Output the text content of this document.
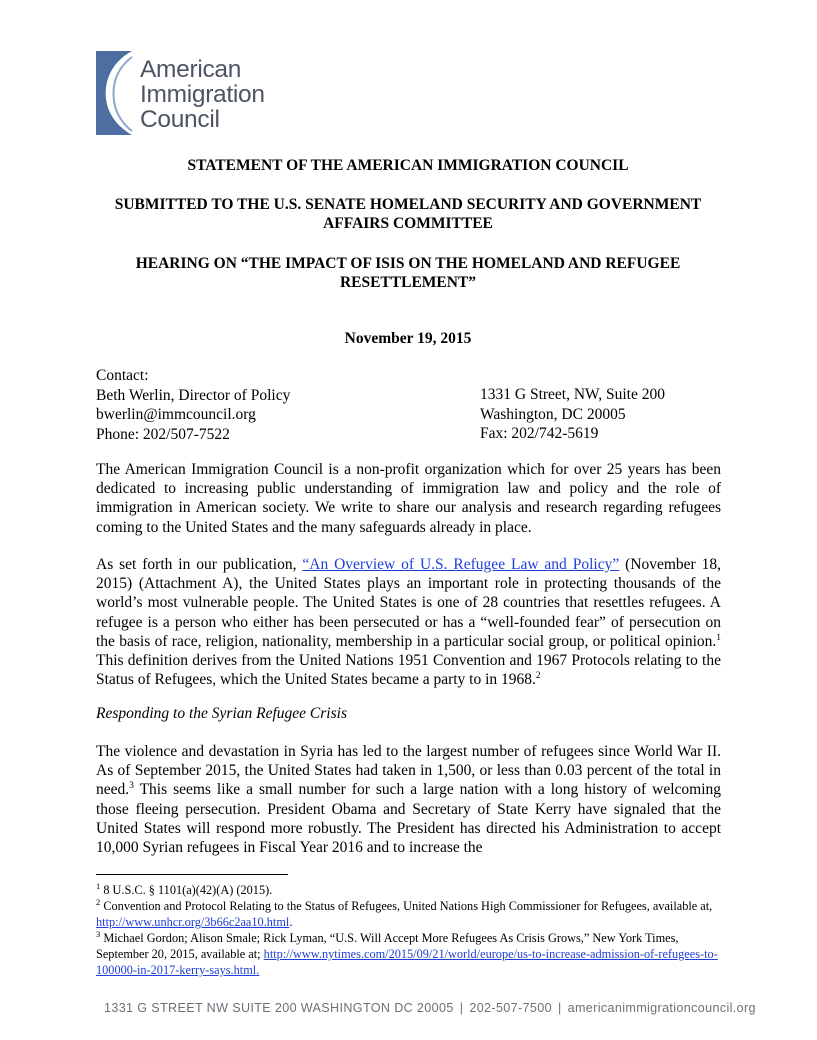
American
Immigration
Council
STATEMENT OF THE AMERICAN IMMIGRATION COUNCIL
SUBMITTED TO THE U.S. SENATE HOMELAND SECURITY AND GOVERNMENT
AFFAIRS COMMITTEE
HEARING ON “THE IMPACT OF ISIS ON THE HOMELAND AND REFUGEE
RESETTLEMENT”
November 19, 2015
Contact:
Beth Werlin, Director of Policy
bwerlin@immcouncil.org
Phone: 202/507-7522
1331 G Street, NW, Suite 200
Washington, DC 20005
Fax: 202/742-5619
The American Immigration Council is a non-profit organization which for over 25 years has been dedicated to increasing public understanding of immigration law and policy and the role of immigration in American society. We write to share our analysis and research regarding refugees coming to the United States and the many safeguards already in place.
As set forth in our publication, “An Overview of U.S. Refugee Law and Policy” (November 18, 2015) (Attachment A), the United States plays an important role in protecting thousands of the world’s most vulnerable people. The United States is one of 28 countries that resettles refugees. A refugee is a person who either has been persecuted or has a “well-founded fear” of persecution on the basis of race, religion, nationality, membership in a particular social group, or political opinion.$^1$ This definition derives from the United Nations 1951 Convention and 1967 Protocols relating to the Status of Refugees, which the United States became a party to in 1968.$^2$
Responding to the Syrian Refugee Crisis
The violence and devastation in Syria has led to the largest number of refugees since World War II. As of September 2015, the United States had taken in 1,500, or less than 0.03 percent of the total in need.$^3$ This seems like a small number for such a large nation with a long history of welcoming those fleeing persecution. President Obama and Secretary of State Kerry have signaled that the United States will respond more robustly. The President has directed his Administration to accept 10,000 Syrian refugees in Fiscal Year 2016 and to increase the
$^1$ 8 U.S.C. § 1101(a)(42)(A) (2015).
$^2$ Convention and Protocol Relating to the Status of Refugees, United Nations High Commissioner for Refugees, available at, http://www.unhcr.org/3b66c2aa10.html.
$^3$ Michael Gordon; Alison Smale; Rick Lyman, “U.S. Will Accept More Refugees As Crisis Grows,” New York Times, September 20, 2015, available at; http://www.nytimes.com/2015/09/21/world/europe/us-to-increase-admission-of-refugees-to-100000-in-2017-kerry-says.html.
1331 G STREET NW SUITE 200 WASHINGTON DC 20005 | 202-507-7500 | americanimmigrationcouncil.org
